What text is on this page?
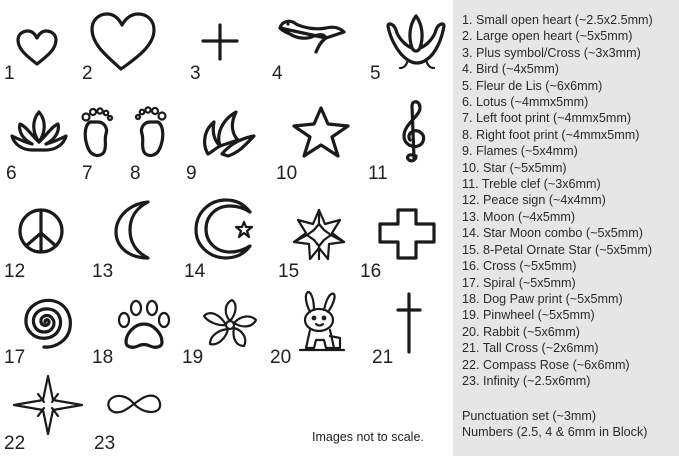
1	2	3	4	5
6	7 8 9	10	11
12	13	14	15	16
17	18	19	20	21
22	23	Images not to scale.
1. Small open heart (~2.5x2.5mm)
2. Large open heart (~5x5mm)
3. Plus symbol/Cross (~3x3mm)
4. Bird (~4x5mm)
5. Fleur de Lis (~6x6mm)
6. Lotus (~4mmx5mm)
7. Left foot print (~4mmx5mm)
8. Right foot print (~4mmx5mm)
9. Flames (~5x4mm)
10. Star (~5x5mm)
11. Treble clef (~3x6mm)
12. Peace sign (~4x4mm)
13. Moon (~4x5mm)
14. Star Moon combo (~5x5mm)
15. 8-Petal Ornate Star (~5x5mm)
16. Cross (~5x5mm)
17. Spiral (~5x5mm)
18. Dog Paw print (~5x5mm)
19. Pinwheel (~5x5mm)
20. Rabbit (~5x6mm)
21. Tall Cross (~2x6mm)
22. Compass Rose (~6x6mm)
23. Infinity (~2.5x6mm)
Punctuation set (~3mm)
Numbers (2.5, 4 & 6mm in Block)
